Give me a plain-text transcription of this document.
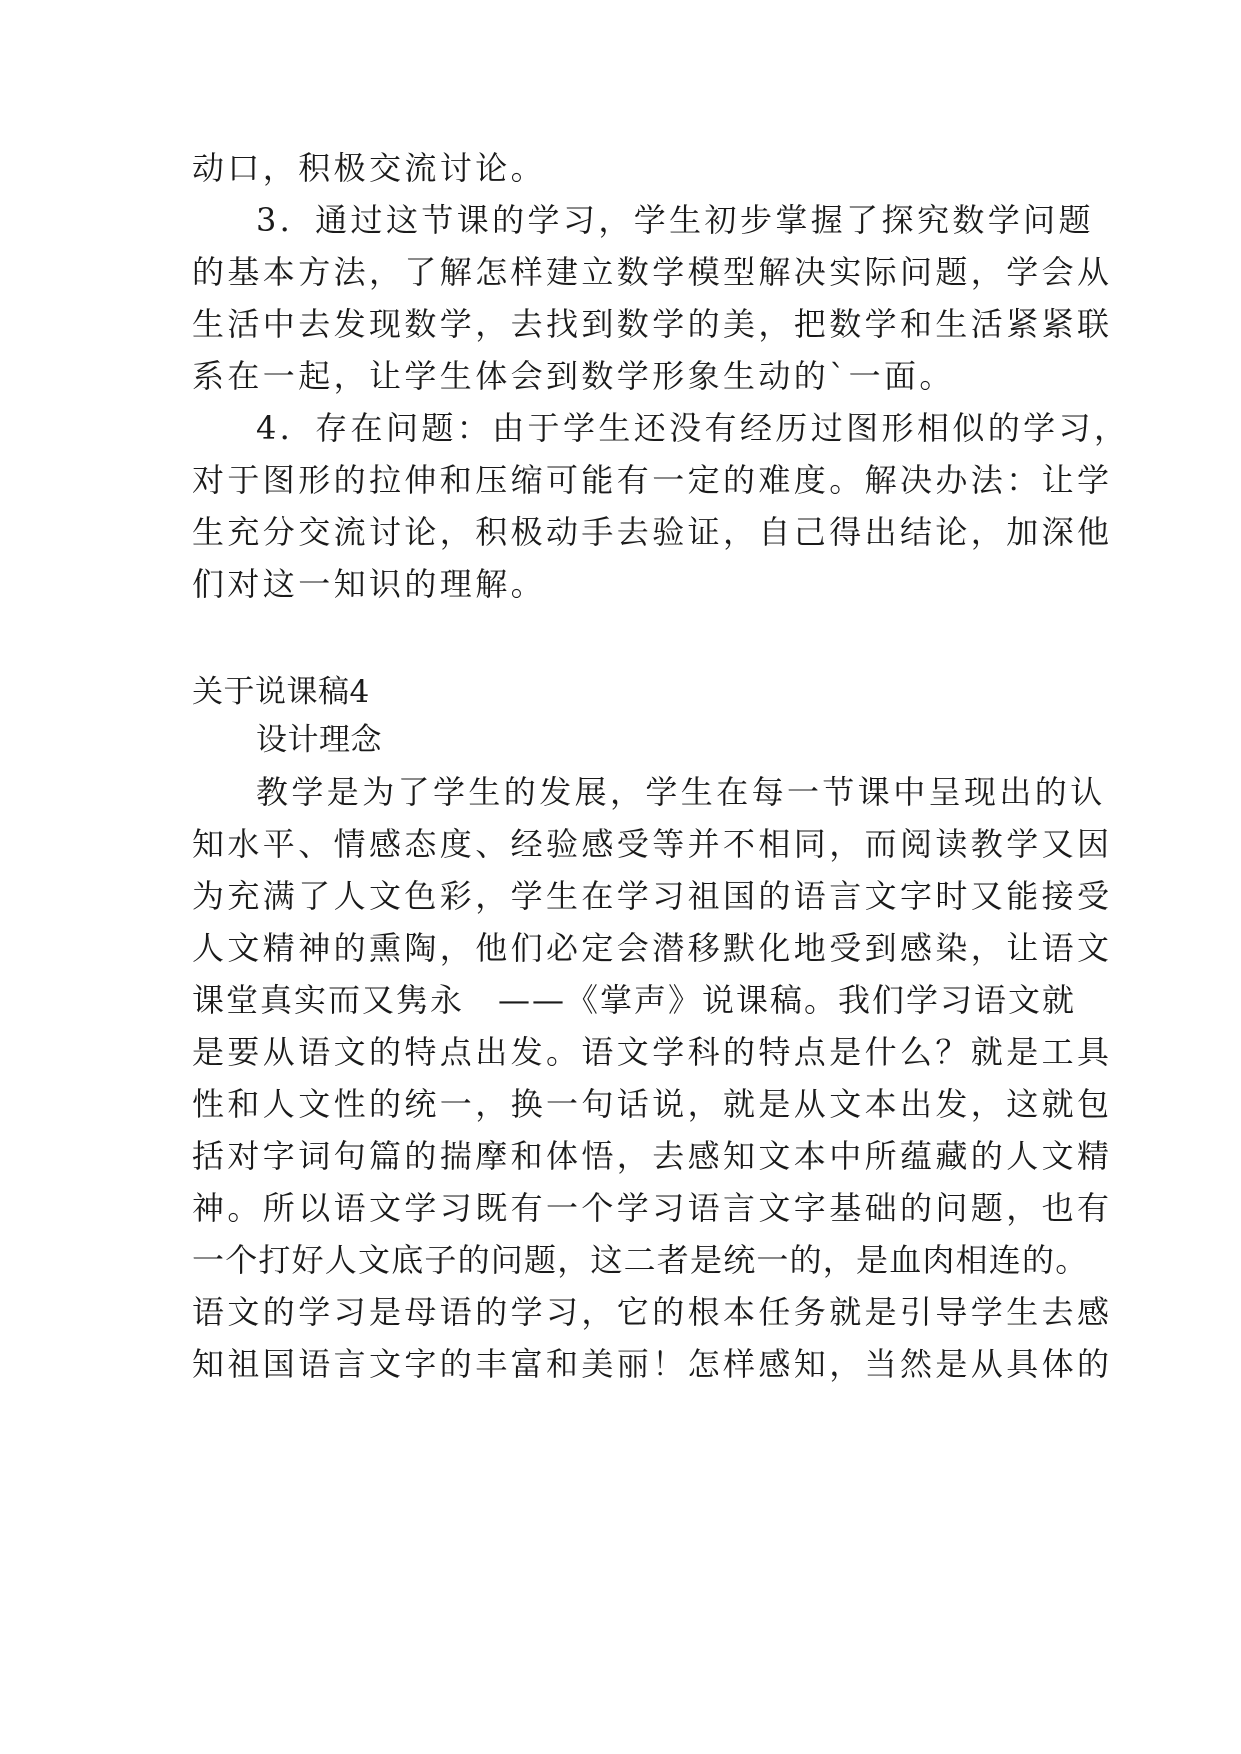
动口，积极交流讨论。
3．通过这节课的学习，学生初步掌握了探究数学问题
的基本方法，了解怎样建立数学模型解决实际问题，学会从
生活中去发现数学，去找到数学的美，把数学和生活紧紧联
系在一起，让学生体会到数学形象生动的`一面。
4．存在问题：由于学生还没有经历过图形相似的学习，
对于图形的拉伸和压缩可能有一定的难度。解决办法：让学
生充分交流讨论，积极动手去验证，自己得出结论，加深他
们对这一知识的理解。
关于说课稿4
设计理念
教学是为了学生的发展，学生在每一节课中呈现出的认
知水平、情感态度、经验感受等并不相同，而阅读教学又因
为充满了人文色彩，学生在学习祖国的语言文字时又能接受
人文精神的熏陶，他们必定会潜移默化地受到感染，让语文
课堂真实而又隽永　——《掌声》说课稿。我们学习语文就
是要从语文的特点出发。语文学科的特点是什么？就是工具
性和人文性的统一，换一句话说，就是从文本出发，这就包
括对字词句篇的揣摩和体悟，去感知文本中所蕴藏的人文精
神。所以语文学习既有一个学习语言文字基础的问题，也有
一个打好人文底子的问题，这二者是统一的，是血肉相连的。
语文的学习是母语的学习，它的根本任务就是引导学生去感
知祖国语言文字的丰富和美丽！怎样感知，当然是从具体的
